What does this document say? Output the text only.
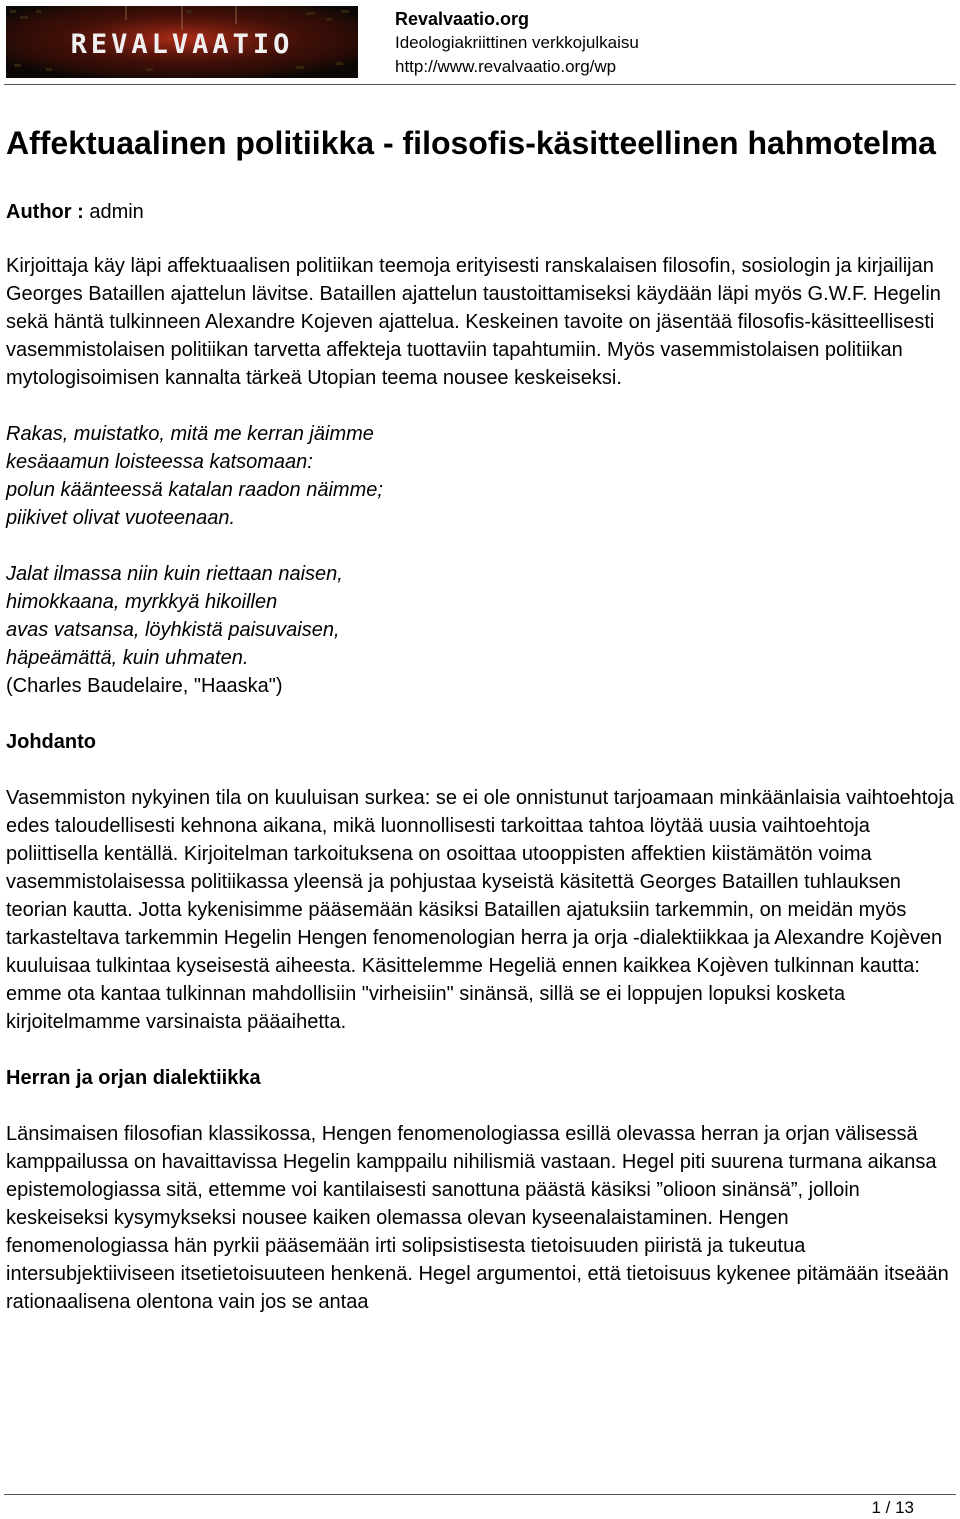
REVALVAATIO
Revalvaatio.org
Ideologiakriittinen verkkojulkaisu
http://www.revalvaatio.org/wp
Affektuaalinen politiikka - filosofis-käsitteellinen hahmotelma
Author : admin

Kirjoittaja käy läpi affektuaalisen politiikan teemoja erityisesti ranskalaisen filosofin, sosiologin ja kirjailijan Georges Bataillen ajattelun lävitse. Bataillen ajattelun taustoittamiseksi käydään läpi myös G.W.F. Hegelin sekä häntä tulkinneen Alexandre Kojeven ajattelua. Keskeinen tavoite on jäsentää filosofis-käsitteellisesti vasemmistolaisen politiikan tarvetta affekteja tuottaviin tapahtumiin. Myös vasemmistolaisen politiikan mytologisoimisen kannalta tärkeä Utopian teema nousee keskeiseksi.

Rakas, muistatko, mitä me kerran jäimme
kesäaamun loisteessa katsomaan:
polun käänteessä katalan raadon näimme;
piikivet olivat vuoteenaan.

Jalat ilmassa niin kuin riettaan naisen,
himokkaana, myrkkyä hikoillen
avas vatsansa, löyhkistä paisuvaisen,
häpeämättä, kuin uhmaten.
(Charles Baudelaire, "Haaska")

Johdanto

Vasemmiston nykyinen tila on kuuluisan surkea: se ei ole onnistunut tarjoamaan minkäänlaisia vaihtoehtoja edes taloudellisesti kehnona aikana, mikä luonnollisesti tarkoittaa tahtoa löytää uusia vaihtoehtoja poliittisella kentällä. Kirjoitelman tarkoituksena on osoittaa utooppisten affektien kiistämätön voima vasemmistolaisessa politiikassa yleensä ja pohjustaa kyseistä käsitettä Georges Bataillen tuhlauksen teorian kautta. Jotta kykenisimme pääsemään käsiksi Bataillen ajatuksiin tarkemmin, on meidän myös tarkasteltava tarkemmin Hegelin Hengen fenomenologian herra ja orja -dialektiikkaa ja Alexandre Kojèven kuuluisaa tulkintaa kyseisestä aiheesta. Käsittelemme Hegeliä ennen kaikkea Kojèven tulkinnan kautta: emme ota kantaa tulkinnan mahdollisiin "virheisiin" sinänsä, sillä se ei loppujen lopuksi kosketa kirjoitelmamme varsinaista pääaihetta.

Herran ja orjan dialektiikka

Länsimaisen filosofian klassikossa, Hengen fenomenologiassa esillä olevassa herran ja orjan välisessä kamppailussa on havaittavissa Hegelin kamppailu nihilismiä vastaan. Hegel piti suurena turmana aikansa epistemologiassa sitä, ettemme voi kantilaisesti sanottuna päästä käsiksi ”olioon sinänsä”, jolloin keskeiseksi kysymykseksi nousee kaiken olemassa olevan kyseenalaistaminen. Hengen fenomenologiassa hän pyrkii pääsemään irti solipsistisesta tietoisuuden piiristä ja tukeutua intersubjektiiviseen itsetietoisuuteen henkenä. Hegel argumentoi, että tietoisuus kykenee pitämään itseään rationaalisena olentona vain jos se antaa

1 / 13
